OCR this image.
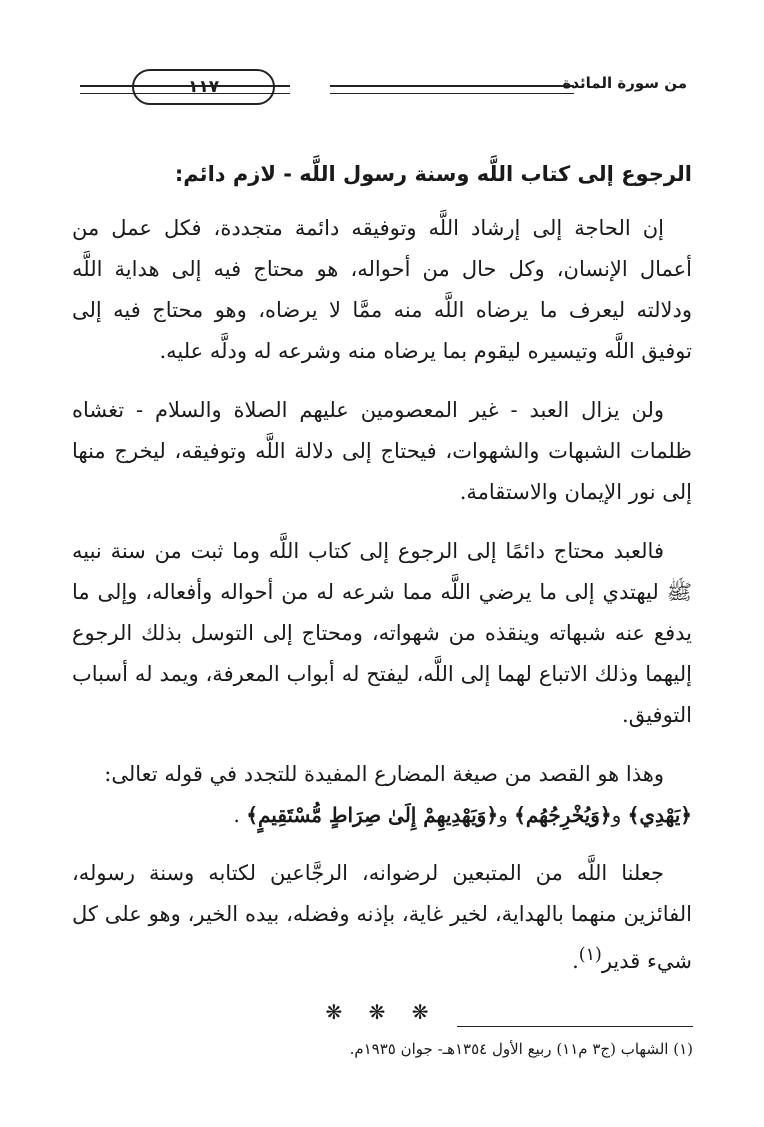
من سورة المائدة
١١٧
الرجوع إلى كتاب اللَّه وسنة رسول اللَّه - لازم دائم:

إن الحاجة إلى إرشاد اللَّه وتوفيقه دائمة متجددة، فكل عمل من أعمال الإنسان، وكل حال من أحواله، هو محتاج فيه إلى هداية اللَّه ودلالته ليعرف ما يرضاه اللَّه منه ممَّا لا يرضاه، وهو محتاج فيه إلى توفيق اللَّه وتيسيره ليقوم بما يرضاه منه وشرعه له ودلَّه عليه.

ولن يزال العبد - غير المعصومين عليهم الصلاة والسلام - تغشاه ظلمات الشبهات والشهوات، فيحتاج إلى دلالة اللَّه وتوفيقه، ليخرج منها إلى نور الإيمان والاستقامة.

فالعبد محتاج دائمًا إلى الرجوع إلى كتاب اللَّه وما ثبت من سنة نبيه ﷺ ليهتدي إلى ما يرضي اللَّه مما شرعه له من أحواله وأفعاله، وإلى ما يدفع عنه شبهاته وينقذه من شهواته، ومحتاج إلى التوسل بذلك الرجوع إليهما وذلك الاتباع لهما إلى اللَّه، ليفتح له أبواب المعرفة، ويمد له أسباب التوفيق.

وهذا هو القصد من صيغة المضارع المفيدة للتجدد في قوله تعالى:

﴿يَهْدِي﴾ و﴿وَيُخْرِجُهُم﴾ و﴿وَيَهْدِيهِمْ إِلَىٰ صِرَاطٍ مُّسْتَقِيمٍ﴾ .

جعلنا اللَّه من المتبعين لرضوانه، الرجَّاعين لكتابه وسنة رسوله، الفائزين منهما بالهداية، لخير غاية، بإذنه وفضله، بيده الخير، وهو على كل شيء قدير$^{(١)}$.

❋ ❋ ❋
(١) الشهاب (ج٣ م١١) ربيع الأول ١٣٥٤هـ- جوان ١٩٣٥م.
